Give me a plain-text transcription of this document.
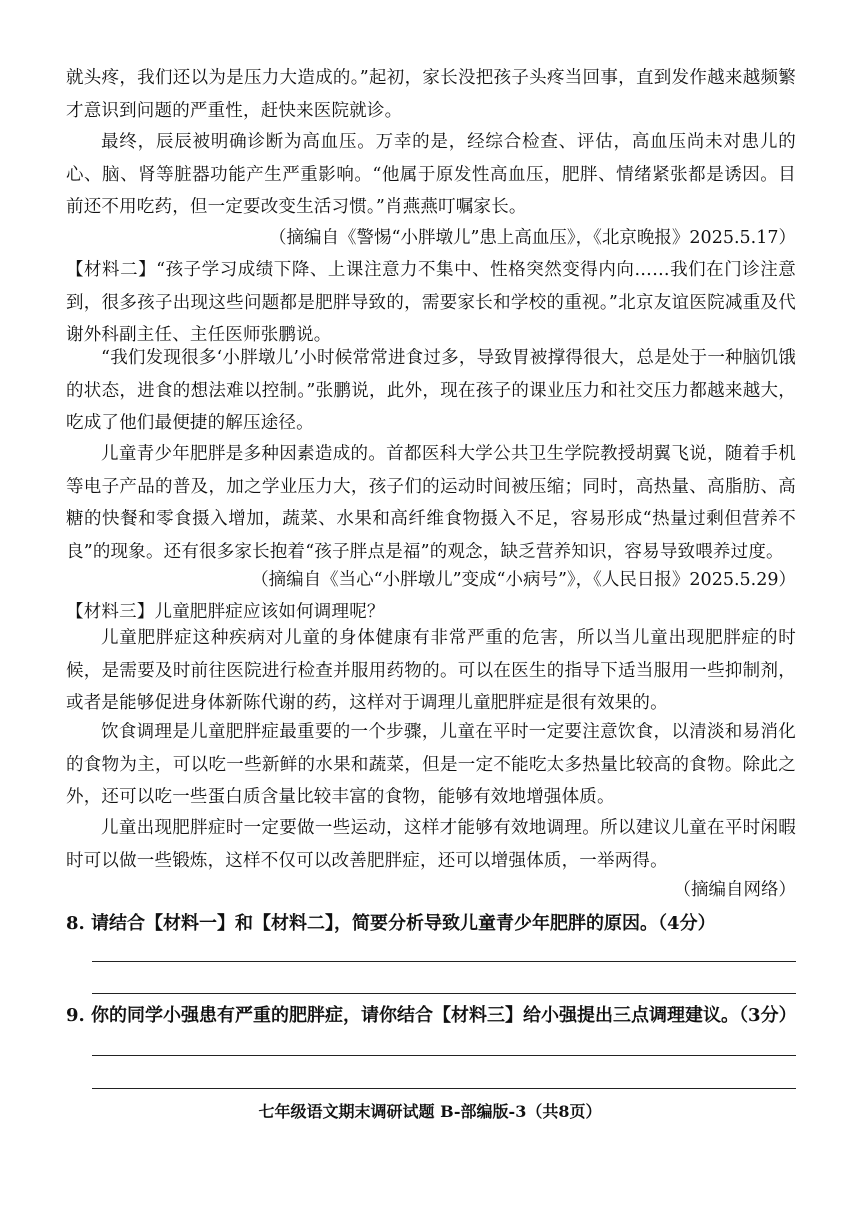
就头疼，我们还以为是压力大造成的。”起初，家长没把孩子头疼当回事，直到发作越来越频繁才意识到问题的严重性，赶快来医院就诊。

最终，辰辰被明确诊断为高血压。万幸的是，经综合检查、评估，高血压尚未对患儿的心、脑、肾等脏器功能产生严重影响。“他属于原发性高血压，肥胖、情绪紧张都是诱因。目前还不用吃药，但一定要改变生活习惯。”肖燕燕叮嘱家长。

（摘编自《警惕“小胖墩儿”患上高血压》，《北京晚报》2025.5.17）

【材料二】“孩子学习成绩下降、上课注意力不集中、性格突然变得内向……我们在门诊注意到，很多孩子出现这些问题都是肥胖导致的，需要家长和学校的重视。”北京友谊医院减重及代谢外科副主任、主任医师张鹏说。

“我们发现很多‘小胖墩儿’小时候常常进食过多，导致胃被撑得很大，总是处于一种脑饥饿的状态，进食的想法难以控制。”张鹏说，此外，现在孩子的课业压力和社交压力都越来越大，吃成了他们最便捷的解压途径。

儿童青少年肥胖是多种因素造成的。首都医科大学公共卫生学院教授胡翼飞说，随着手机等电子产品的普及，加之学业压力大，孩子们的运动时间被压缩；同时，高热量、高脂肪、高糖的快餐和零食摄入增加，蔬菜、水果和高纤维食物摄入不足，容易形成“热量过剩但营养不良”的现象。还有很多家长抱着“孩子胖点是福”的观念，缺乏营养知识，容易导致喂养过度。

（摘编自《当心“小胖墩儿”变成“小病号”》，《人民日报》2025.5.29）

【材料三】儿童肥胖症应该如何调理呢？

儿童肥胖症这种疾病对儿童的身体健康有非常严重的危害，所以当儿童出现肥胖症的时候，是需要及时前往医院进行检查并服用药物的。可以在医生的指导下适当服用一些抑制剂，或者是能够促进身体新陈代谢的药，这样对于调理儿童肥胖症是很有效果的。

饮食调理是儿童肥胖症最重要的一个步骤，儿童在平时一定要注意饮食，以清淡和易消化的食物为主，可以吃一些新鲜的水果和蔬菜，但是一定不能吃太多热量比较高的食物。除此之外，还可以吃一些蛋白质含量比较丰富的食物，能够有效地增强体质。

儿童出现肥胖症时一定要做一些运动，这样才能够有效地调理。所以建议儿童在平时闲暇时可以做一些锻炼，这样不仅可以改善肥胖症，还可以增强体质，一举两得。

（摘编自网络）

8. 请结合【材料一】和【材料二】，简要分析导致儿童青少年肥胖的原因。（4分）

9. 你的同学小强患有严重的肥胖症，请你结合【材料三】给小强提出三点调理建议。（3分）

七年级语文期末调研试题 B-部编版-3（共8页）
